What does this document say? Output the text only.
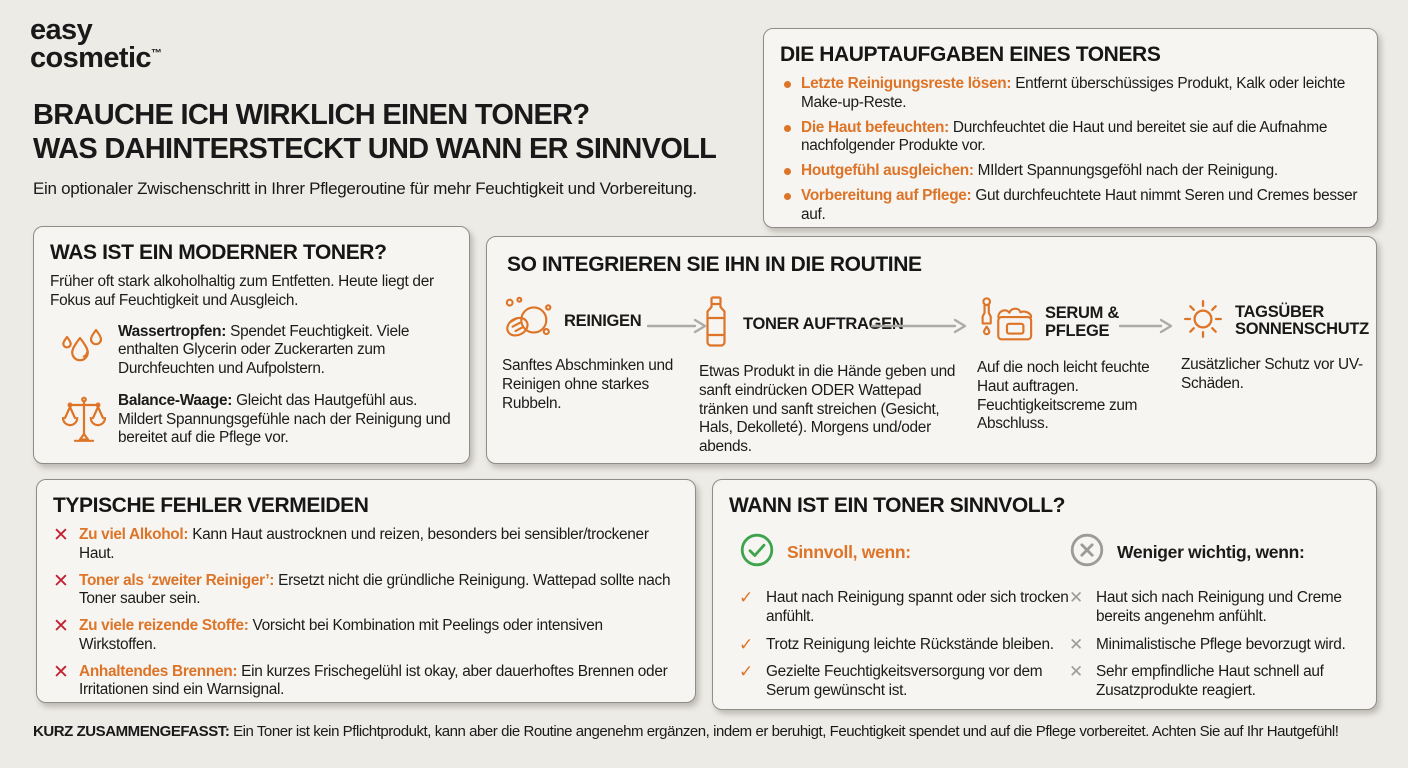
easy
cosmetic™
BRAUCHE ICH WIRKLICH EINEN TONER?
WAS DAHINTERSTECKT UND WANN ER SINNVOLL

Ein optionaler Zwischenschritt in Ihrer Pflegeroutine für mehr Feuchtigkeit und Vorbereitung.

DIE HAUPTAUFGABEN EINES TONERS

Letzte Reinigungsreste lösen: Entfernt überschüssiges Produkt, Kalk oder leichte Make-up-Reste.

Die Haut befeuchten: Durchfeuchtet die Haut und bereitet sie auf die Aufnahme nachfolgender Produkte vor.

Houtgefühl ausgleichen: MIldert Spannungsgeföhl nach der Reinigung.

Vorbereitung auf Pflege: Gut durchfeuchtete Haut nimmt Seren und Cremes besser auf.

WAS IST EIN MODERNER TONER?

Früher oft stark alkoholhaltig zum Entfetten. Heute liegt der Fokus auf Feuchtigkeit und Ausgleich.

Wassertropfen: Spendet Feuchtigkeit. Viele enthalten Glycerin oder Zuckerarten zum Durchfeuchten und Aufpolstern.

Balance-Waage: Gleicht das Hautgefühl aus. Mildert Spannungsgefühle nach der Reinigung und bereitet auf die Pflege vor.

SO INTEGRIEREN SIE IHN IN DIE ROUTINE
REINIGEN

Sanftes Abschminken und Reinigen ohne starkes Rubbeln.

TONER AUFTRAGEN

Etwas Produkt in die Hände geben und sanft eindrücken ODER Wattepad tränken und sanft streichen (Gesicht, Hals, Dekolleté). Morgens und/oder abends.

SERUM & PFLEGE

Auf die noch leicht feuchte Haut auftragen. Feuchtigkeitscreme zum Abschluss.

TAGSÜBER SONNENSCHUTZ

Zusätzlicher Schutz vor UV-Schäden.

TYPISCHE FEHLER VERMEIDEN
✕ Zu viel Alkohol: Kann Haut austrocknen und reizen, besonders bei sensibler/trockener Haut.

✕ Toner als ‘zweiter Reiniger’: Ersetzt nicht die gründliche Reinigung. Wattepad sollte nach Toner sauber sein.

✕ Zu viele reizende Stoffe: Vorsicht bei Kombination mit Peelings oder intensiven Wirkstoffen.

✕ Anhaltendes Brennen: Ein kurzes Frischegelühl ist okay, aber dauerhoftes Brennen oder Irritationen sind ein Warnsignal.

WANN IST EIN TONER SINNVOLL?
Sinnvoll, wenn:
✓ Haut nach Reinigung spannt oder sich trocken anfühlt.

✓ Trotz Reinigung leichte Rückstände bleiben.

✓ Gezielte Feuchtigkeitsversorgung vor dem Serum gewünscht ist.

Weniger wichtig, wenn:
✕ Haut sich nach Reinigung und Creme bereits angenehm anfühlt.

✕ Minimalistische Pflege bevorzugt wird.

✕ Sehr empfindliche Haut schnell auf Zusatzprodukte reagiert.

KURZ ZUSAMMENGEFASST: Ein Toner ist kein Pflichtprodukt, kann aber die Routine angenehm ergänzen, indem er beruhigt, Feuchtigkeit spendet und auf die Pflege vorbereitet. Achten Sie auf Ihr Hautgefühl!
